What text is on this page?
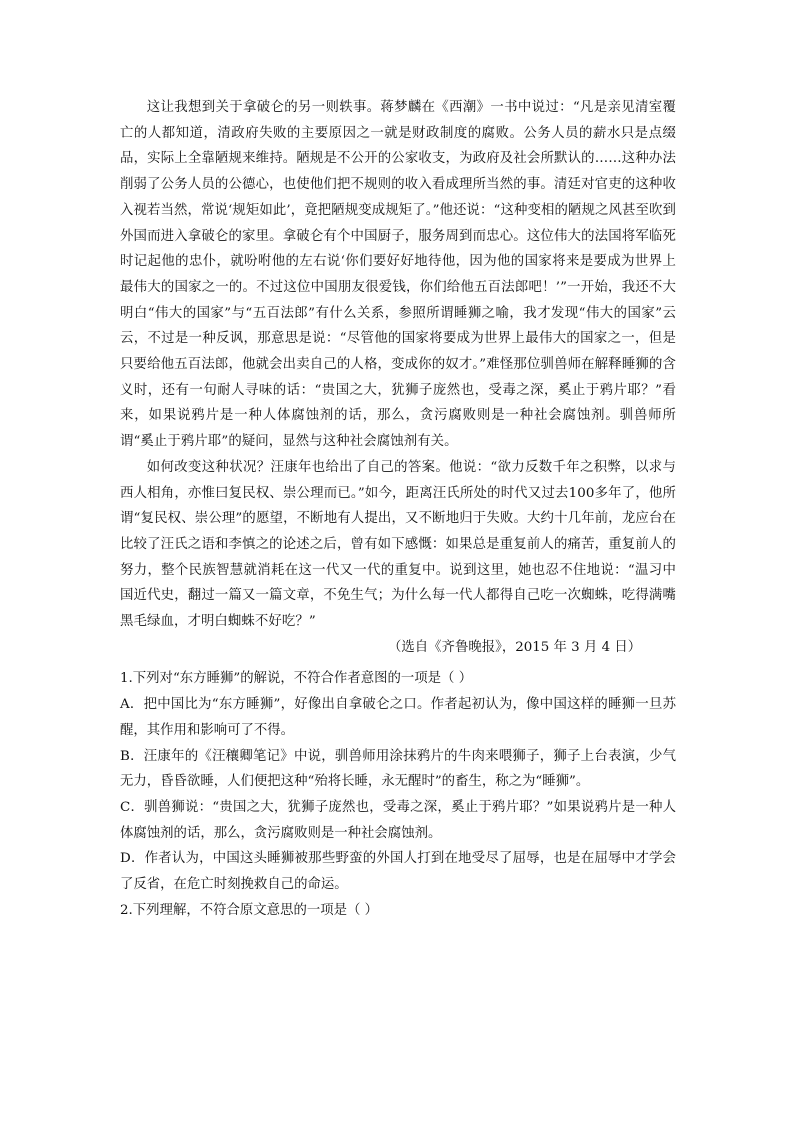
这让我想到关于拿破仑的另一则轶事。蒋梦麟在《西潮》一书中说过：“凡是亲见清室覆亡的人都知道，清政府失败的主要原因之一就是财政制度的腐败。公务人员的薪水只是点缀品，实际上全靠陋规来维持。陋规是不公开的公家收支，为政府及社会所默认的……这种办法削弱了公务人员的公德心，也使他们把不规则的收入看成理所当然的事。清廷对官吏的这种收入视若当然，常说‘规矩如此’，竟把陋规变成规矩了。”他还说：“这种变相的陋规之风甚至吹到外国而进入拿破仑的家里。拿破仑有个中国厨子，服务周到而忠心。这位伟大的法国将军临死时记起他的忠仆，就吩咐他的左右说‘你们要好好地待他，因为他的国家将来是要成为世界上最伟大的国家之一的。不过这位中国朋友很爱钱，你们给他五百法郎吧！’”一开始，我还不大明白“伟大的国家”与“五百法郎”有什么关系，参照所谓睡狮之喻，我才发现“伟大的国家”云云，不过是一种反讽，那意思是说：“尽管他的国家将要成为世界上最伟大的国家之一，但是只要给他五百法郎，他就会出卖自己的人格，变成你的奴才。”难怪那位驯兽师在解释睡狮的含义时，还有一句耐人寻味的话：“贵国之大，犹狮子庞然也，受毒之深，奚止于鸦片耶？”看来，如果说鸦片是一种人体腐蚀剂的话，那么，贪污腐败则是一种社会腐蚀剂。驯兽师所谓“奚止于鸦片耶”的疑问，显然与这种社会腐蚀剂有关。

如何改变这种状况？汪康年也给出了自己的答案。他说：“欲力反数千年之积弊，以求与西人相角，亦惟曰复民权、崇公理而已。”如今，距离汪氏所处的时代又过去100多年了，他所谓“复民权、崇公理”的愿望，不断地有人提出，又不断地归于失败。大约十几年前，龙应台在比较了汪氏之语和李慎之的论述之后，曾有如下感慨：如果总是重复前人的痛苦，重复前人的努力，整个民族智慧就消耗在这一代又一代的重复中。说到这里，她也忍不住地说：“温习中国近代史，翻过一篇又一篇文章，不免生气；为什么每一代人都得自己吃一次蜘蛛，吃得满嘴黑毛绿血，才明白蜘蛛不好吃？”

（选自《齐鲁晚报》，2015 年 3 月 4 日）

1.下列对“东方睡狮”的解说，不符合作者意图的一项是（ ）

A．把中国比为“东方睡狮”，好像出自拿破仑之口。作者起初认为，像中国这样的睡狮一旦苏醒，其作用和影响可了不得。

B．汪康年的《汪穰卿笔记》中说，驯兽师用涂抹鸦片的牛肉来喂狮子，狮子上台表演，少气无力，昏昏欲睡，人们便把这种“殆将长睡，永无醒时”的畜生，称之为“睡狮”。

C．驯兽狮说：“贵国之大，犹狮子庞然也，受毒之深，奚止于鸦片耶？”如果说鸦片是一种人体腐蚀剂的话，那么，贪污腐败则是一种社会腐蚀剂。

D．作者认为，中国这头睡狮被那些野蛮的外国人打到在地受尽了屈辱，也是在屈辱中才学会了反省，在危亡时刻挽救自己的命运。

2.下列理解，不符合原文意思的一项是（ ）
